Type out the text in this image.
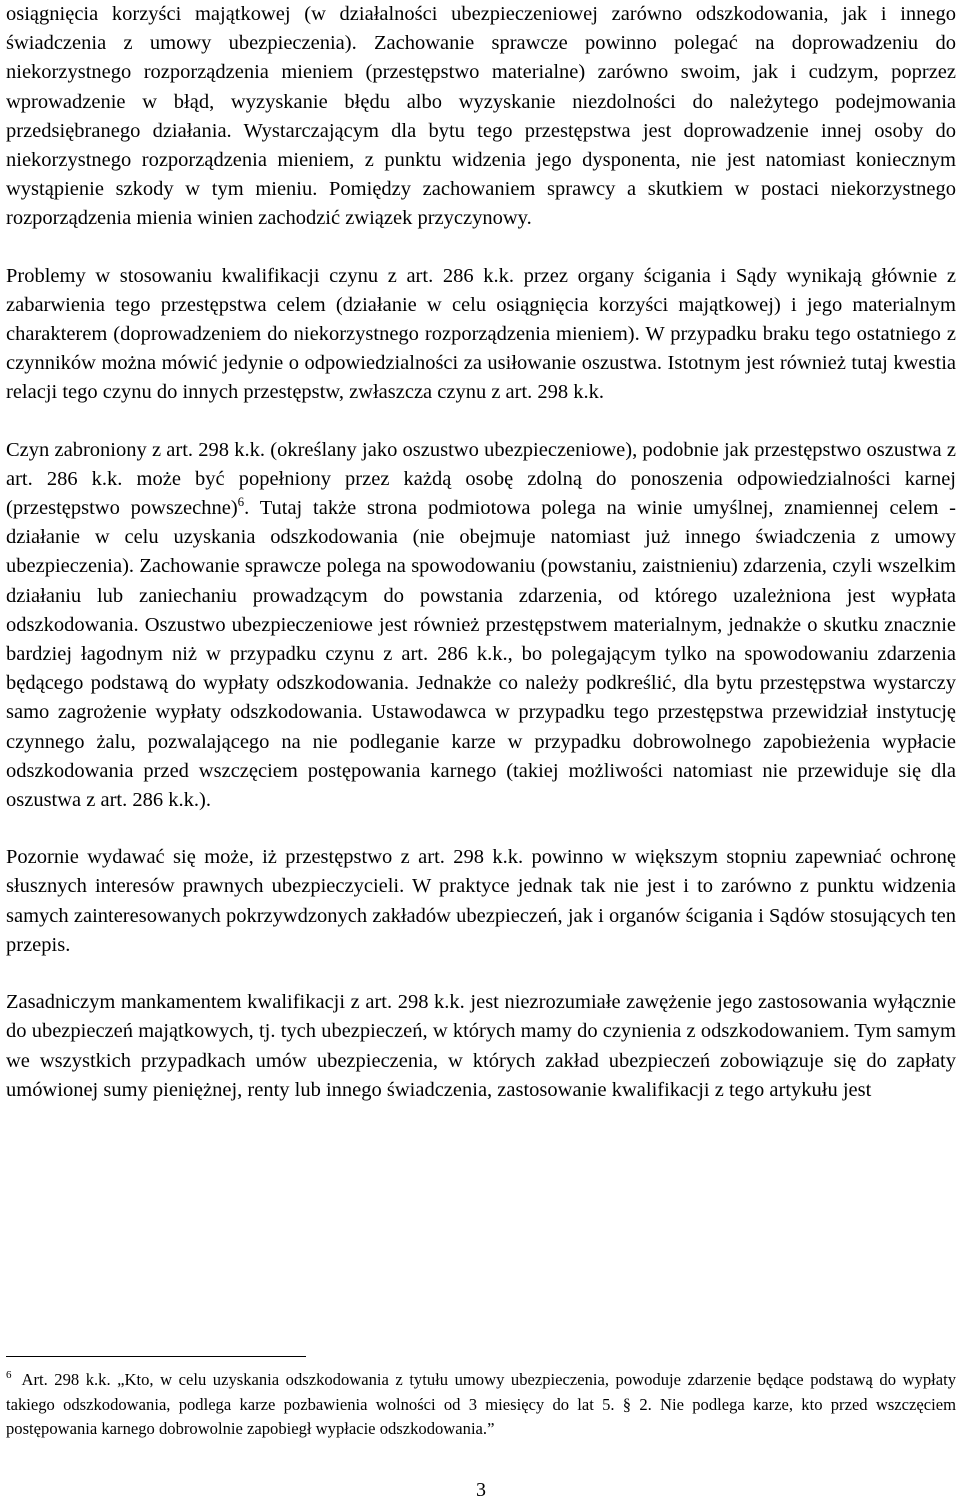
osiągnięcia korzyści majątkowej (w działalności ubezpieczeniowej zarówno odszkodowania, jak i innego świadczenia z umowy ubezpieczenia). Zachowanie sprawcze powinno polegać na doprowadzeniu do niekorzystnego rozporządzenia mieniem (przestępstwo materialne) zarówno swoim, jak i cudzym, poprzez wprowadzenie w błąd, wyzyskanie błędu albo wyzyskanie niezdolności do należytego podejmowania przedsiębranego działania. Wystarczającym dla bytu tego przestępstwa jest doprowadzenie innej osoby do niekorzystnego rozporządzenia mieniem, z punktu widzenia jego dysponenta, nie jest natomiast koniecznym wystąpienie szkody w tym mieniu. Pomiędzy zachowaniem sprawcy a skutkiem w postaci niekorzystnego rozporządzenia mienia winien zachodzić związek przyczynowy.

Problemy w stosowaniu kwalifikacji czynu z art. 286 k.k. przez organy ścigania i Sądy wynikają głównie z zabarwienia tego przestępstwa celem (działanie w celu osiągnięcia korzyści majątkowej) i jego materialnym charakterem (doprowadzeniem do niekorzystnego rozporządzenia mieniem). W przypadku braku tego ostatniego z czynników można mówić jedynie o odpowiedzialności za usiłowanie oszustwa. Istotnym jest również tutaj kwestia relacji tego czynu do innych przestępstw, zwłaszcza czynu z art. 298 k.k.

Czyn zabroniony z art. 298 k.k. (określany jako oszustwo ubezpieczeniowe), podobnie jak przestępstwo oszustwa z art. 286 k.k. może być popełniony przez każdą osobę zdolną do ponoszenia odpowiedzialności karnej (przestępstwo powszechne)$^6$. Tutaj także strona podmiotowa polega na winie umyślnej, znamiennej celem - działanie w celu uzyskania odszkodowania (nie obejmuje natomiast już innego świadczenia z umowy ubezpieczenia). Zachowanie sprawcze polega na spowodowaniu (powstaniu, zaistnieniu) zdarzenia, czyli wszelkim działaniu lub zaniechaniu prowadzącym do powstania zdarzenia, od którego uzależniona jest wypłata odszkodowania. Oszustwo ubezpieczeniowe jest również przestępstwem materialnym, jednakże o skutku znacznie bardziej łagodnym niż w przypadku czynu z art. 286 k.k., bo polegającym tylko na spowodowaniu zdarzenia będącego podstawą do wypłaty odszkodowania. Jednakże co należy podkreślić, dla bytu przestępstwa wystarczy samo zagrożenie wypłaty odszkodowania. Ustawodawca w przypadku tego przestępstwa przewidział instytucję czynnego żalu, pozwalającego na nie podleganie karze w przypadku dobrowolnego zapobieżenia wypłacie odszkodowania przed wszczęciem postępowania karnego (takiej możliwości natomiast nie przewiduje się dla oszustwa z art. 286 k.k.).

Pozornie wydawać się może, iż przestępstwo z art. 298 k.k. powinno w większym stopniu zapewniać ochronę słusznych interesów prawnych ubezpieczycieli. W praktyce jednak tak nie jest i to zarówno z punktu widzenia samych zainteresowanych pokrzywdzonych zakładów ubezpieczeń, jak i organów ścigania i Sądów stosujących ten przepis.

Zasadniczym mankamentem kwalifikacji z art. 298 k.k. jest niezrozumiałe zawężenie jego zastosowania wyłącznie do ubezpieczeń majątkowych, tj. tych ubezpieczeń, w których mamy do czynienia z odszkodowaniem. Tym samym we wszystkich przypadkach umów ubezpieczenia, w których zakład ubezpieczeń zobowiązuje się do zapłaty umówionej sumy pieniężnej, renty lub innego świadczenia, zastosowanie kwalifikacji z tego artykułu jest

$^6$ Art. 298 k.k. „Kto, w celu uzyskania odszkodowania z tytułu umowy ubezpieczenia, powoduje zdarzenie będące podstawą do wypłaty takiego odszkodowania, podlega karze pozbawienia wolności od 3 miesięcy do lat 5. § 2. Nie podlega karze, kto przed wszczęciem postępowania karnego dobrowolnie zapobiegł wypłacie odszkodowania.”

3
